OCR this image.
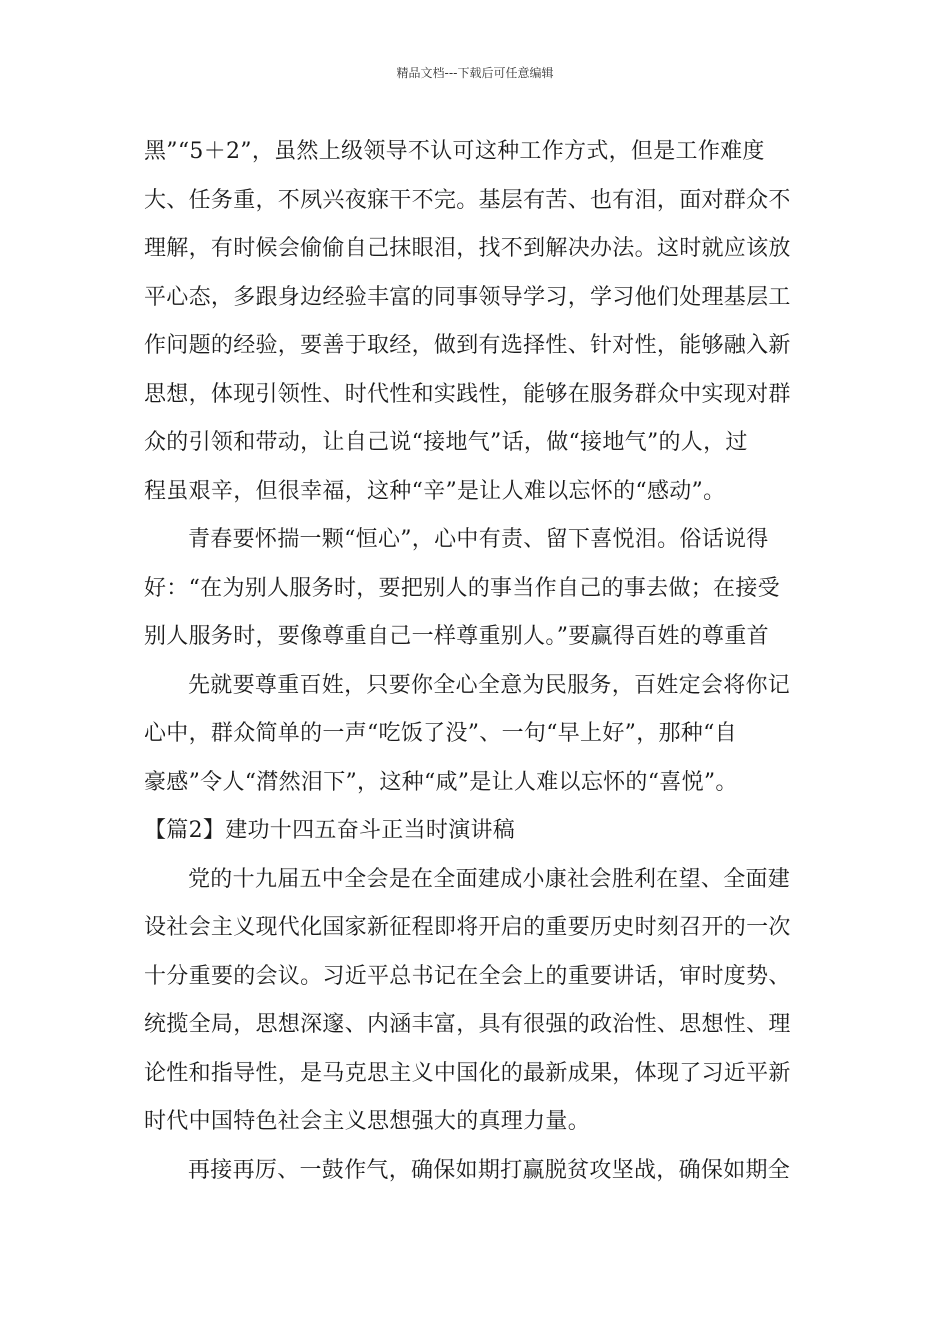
精品文档---下载后可任意编辑
黑”“5＋2”，虽然上级领导不认可这种工作方式，但是工作难度
大、任务重，不夙兴夜寐干不完。基层有苦、也有泪，面对群众不
理解，有时候会偷偷自己抹眼泪，找不到解决办法。这时就应该放
平心态，多跟身边经验丰富的同事领导学习，学习他们处理基层工
作问题的经验，要善于取经，做到有选择性、针对性，能够融入新
思想，体现引领性、时代性和实践性，能够在服务群众中实现对群
众的引领和带动，让自己说“接地气”话，做“接地气”的人，过
程虽艰辛，但很幸福，这种“辛”是让人难以忘怀的“感动”。
青春要怀揣一颗“恒心”，心中有责、留下喜悦泪。俗话说得
好：“在为别人服务时，要把别人的事当作自己的事去做；在接受
别人服务时，要像尊重自己一样尊重别人。”要赢得百姓的尊重首
先就要尊重百姓，只要你全心全意为民服务，百姓定会将你记
心中，群众简单的一声“吃饭了没”、一句“早上好”，那种“自
豪感”令人“潸然泪下”，这种“咸”是让人难以忘怀的“喜悦”。
【篇2】建功十四五奋斗正当时演讲稿
党的十九届五中全会是在全面建成小康社会胜利在望、全面建
设社会主义现代化国家新征程即将开启的重要历史时刻召开的一次
十分重要的会议。习近平总书记在全会上的重要讲话，审时度势、
统揽全局，思想深邃、内涵丰富，具有很强的政治性、思想性、理
论性和指导性，是马克思主义中国化的最新成果，体现了习近平新
时代中国特色社会主义思想强大的真理力量。
再接再厉、一鼓作气，确保如期打赢脱贫攻坚战，确保如期全
